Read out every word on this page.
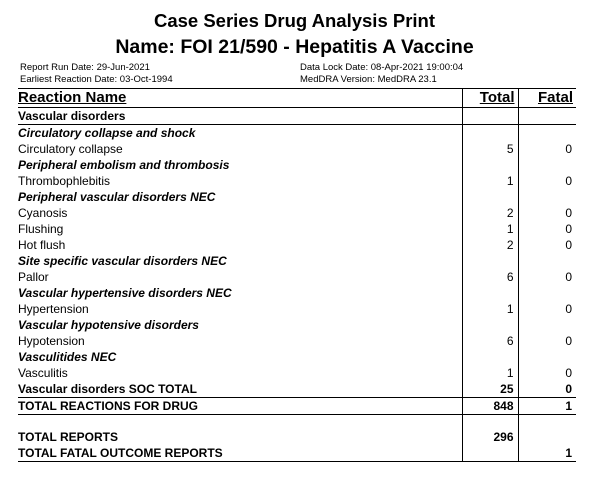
Case Series Drug Analysis Print
Name: FOI 21/590 - Hepatitis A Vaccine
Report Run Date: 29-Jun-2021
Earliest Reaction Date: 03-Oct-1994
Data Lock Date: 08-Apr-2021 19:00:04
MedDRA Version: MedDRA 23.1
Reaction Name	Total	Fatal
Vascular disorders		
Circulatory collapse and shock		
Circulatory collapse	5	0
Peripheral embolism and thrombosis		
Thrombophlebitis	1	0
Peripheral vascular disorders NEC		
Cyanosis	2	0
Flushing	1	0
Hot flush	2	0
Site specific vascular disorders NEC		
Pallor	6	0
Vascular hypertensive disorders NEC		
Hypertension	1	0
Vascular hypotensive disorders		
Hypotension	6	0
Vasculitides NEC		
Vasculitis	1	0
Vascular disorders SOC TOTAL	25	0
TOTAL REACTIONS FOR DRUG	848	1

TOTAL REPORTS	296	
TOTAL FATAL OUTCOME REPORTS		1
